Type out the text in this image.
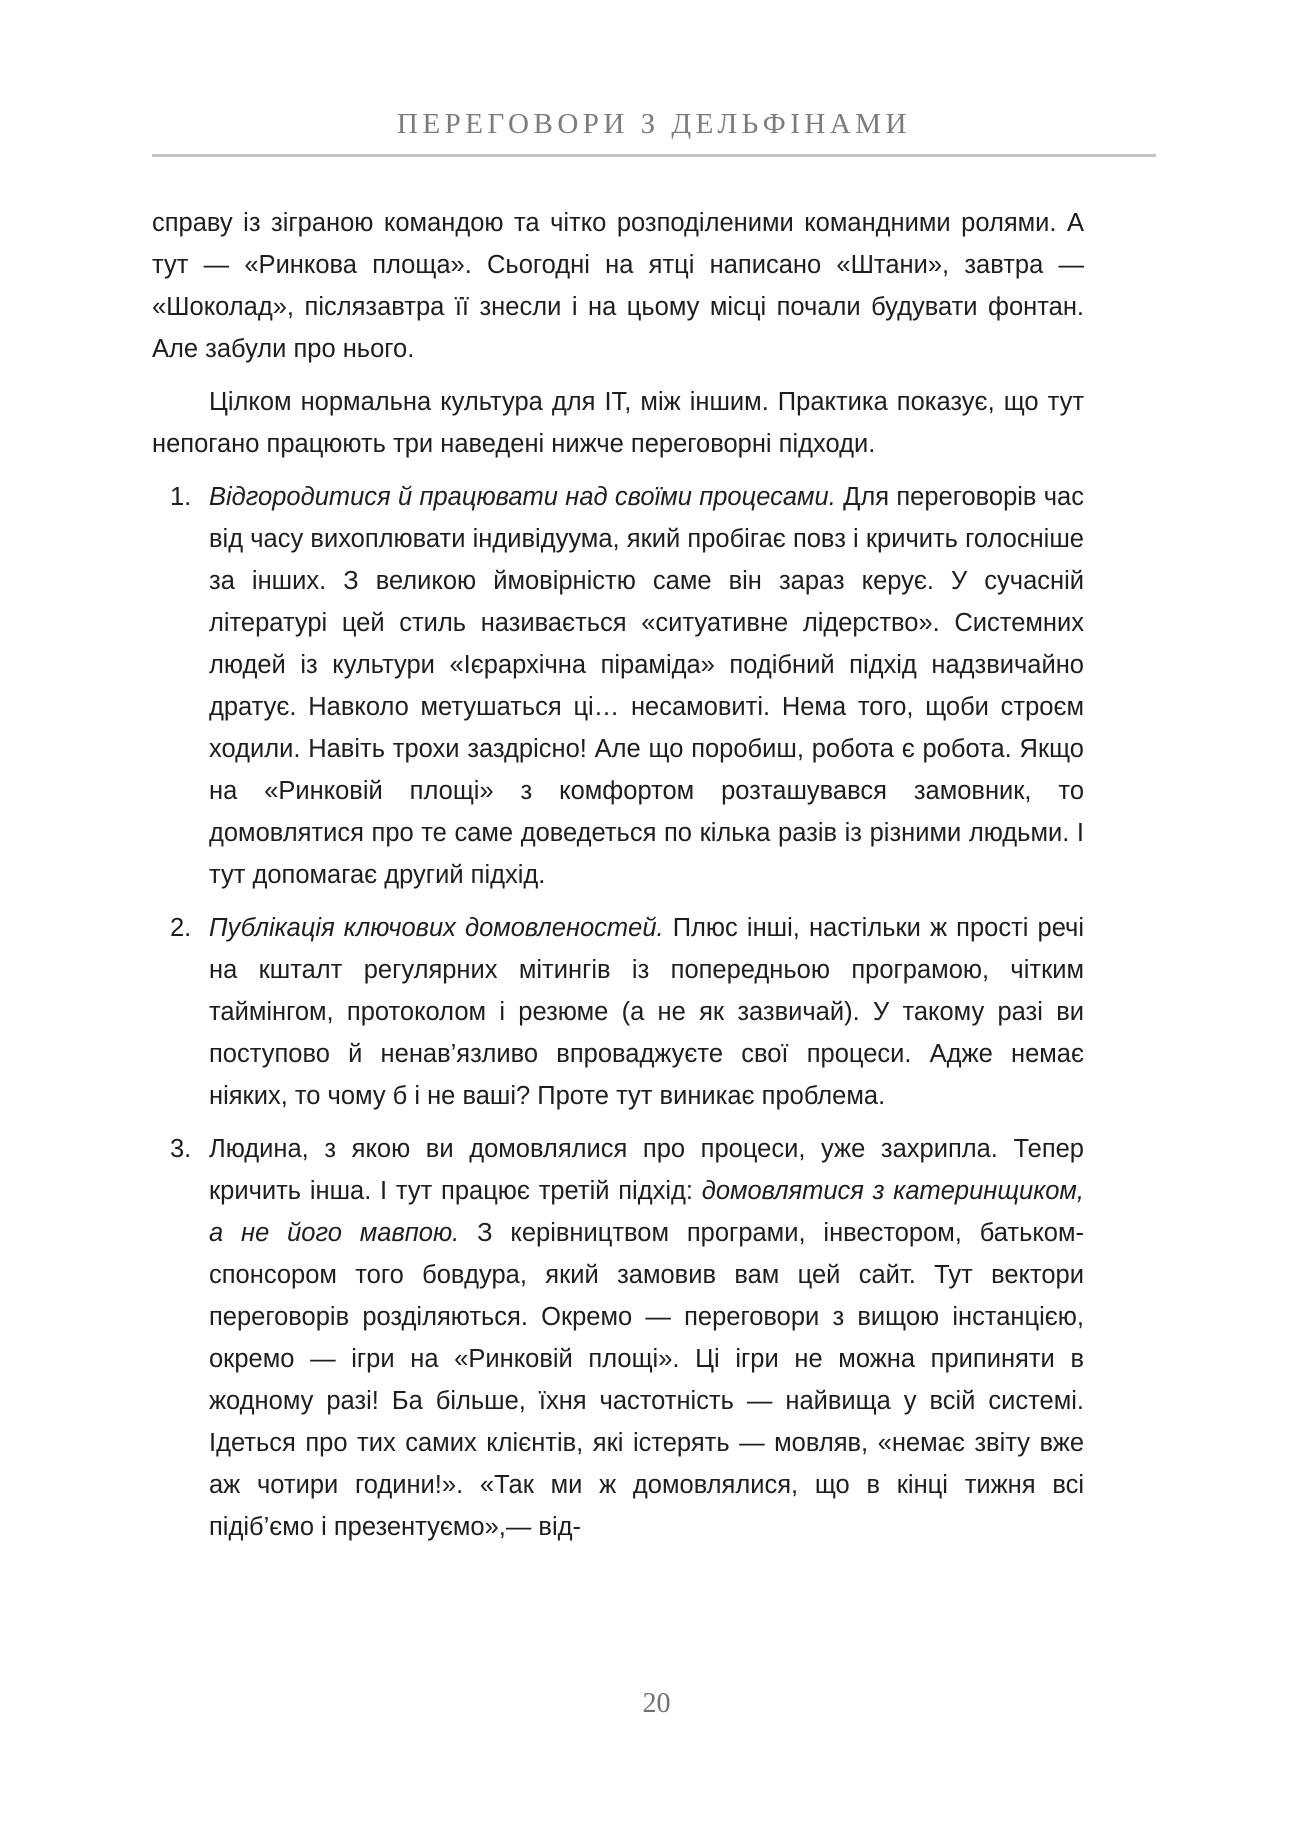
ПЕРЕГОВОРИ З ДЕЛЬФІНАМИ

справу із зіграною командою та чітко розподіленими командними ролями. А тут — «Ринкова площа». Сьогодні на ятці написано «Штани», завтра — «Шоколад», післязавтра її знесли і на цьому місці почали будувати фонтан. Але забули про нього.

Цілком нормальна культура для ІТ, між іншим. Практика показує, що тут непогано працюють три наведені нижче переговорні підходи.

1. Відгородитися й працювати над своїми процесами. Для переговорів час від часу вихоплювати індивідуума, який пробігає повз і кричить голосніше за інших. З великою ймовірністю саме він зараз керує. У сучасній літературі цей стиль називається «ситуативне лідерство». Системних людей із культури «Ієрархічна піраміда» подібний підхід надзвичайно дратує. Навколо метушаться ці… несамовиті. Нема того, щоби строєм ходили. Навіть трохи заздрісно! Але що поробиш, робота є робота. Якщо на «Ринковій площі» з комфортом розташувався замовник, то домовлятися про те саме доведеться по кілька разів із різними людьми. І тут допомагає другий підхід.
2. Публікація ключових домовленостей. Плюс інші, настільки ж прості речі на кшталт регулярних мітингів із попередньою програмою, чітким таймінгом, протоколом і резюме (а не як зазвичай). У такому разі ви поступово й ненав’язливо впроваджуєте свої процеси. Адже немає ніяких, то чому б і не ваші? Проте тут виникає проблема.
3. Людина, з якою ви домовлялися про процеси, уже захрипла. Тепер кричить інша. І тут працює третій підхід: домовлятися з катеринщиком, а не його мавпою. З керівництвом програми, інвестором, батьком-спонсором того бовдура, який замовив вам цей сайт. Тут вектори переговорів розділяються. Окремо — переговори з вищою інстанцією, окремо — ігри на «Ринковій площі». Ці ігри не можна припиняти в жодному разі! Ба більше, їхня частотність — найвища у всій системі. Ідеться про тих самих клієнтів, які істерять — мовляв, «немає звіту вже аж чотири години!». «Так ми ж домовлялися, що в кінці тижня всі підіб’ємо і презентуємо»,— від-
20
